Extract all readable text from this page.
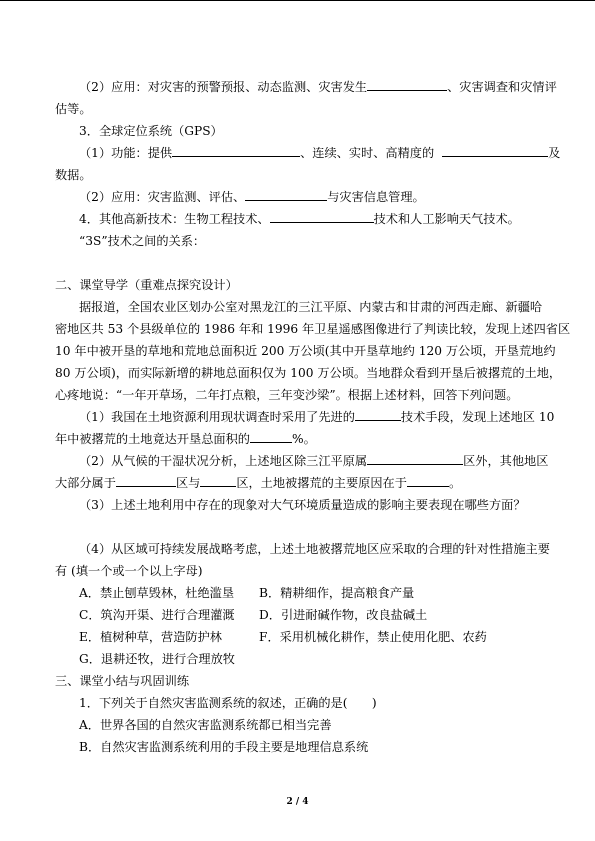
（2）应用：对灾害的预警预报、动态监测、灾害发生	、灾害调查和灾情评

估等。

3．全球定位系统（GPS）

（1）功能：提供	、连续、实时、高精度的	及

数据。

（2）应用：灾害监测、评估、	与灾害信息管理。

4．其他高新技术：生物工程技术、	技术和人工影响天气技术。

“3S”技术之间的关系：

二、课堂导学（重难点探究设计）

据报道，全国农业区划办公室对黑龙江的三江平原、内蒙古和甘肃的河西走廊、新疆哈

密地区共 53 个县级单位的 1986 年和 1996 年卫星遥感图像进行了判读比较，发现上述四省区

10 年中被开垦的草地和荒地总面积近 200 万公顷(其中开垦草地约 120 万公顷，开垦荒地约

80 万公顷)，而实际新增的耕地总面积仅为 100 万公顷。当地群众看到开垦后被撂荒的土地，

心疼地说：“一年开草场，二年打点粮，三年变沙梁”。根据上述材料，回答下列问题。

（1）我国在土地资源利用现状调查时采用了先进的	技术手段，发现上述地区 10

年中被撂荒的土地竟达开垦总面积的	%。

（2）从气候的干湿状况分析，上述地区除三江平原属	区外，其他地区

大部分属于	区与	区，土地被撂荒的主要原因在于	。

（3）上述土地利用中存在的现象对大气环境质量造成的影响主要表现在哪些方面？

（4）从区域可持续发展战略考虑，上述土地被撂荒地区应采取的合理的针对性措施主要

有 (填一个或一个以上字母)

A．禁止刨草毁林，杜绝滥垦 B．精耕细作，提高粮食产量

C．筑沟开渠、进行合理灌溉 D．引进耐碱作物，改良盐碱土

E．植树种草，营造防护林	F．采用机械化耕作，禁止使用化肥、农药

G．退耕还牧，进行合理放牧

三、课堂小结与巩固训练

1．下列关于自然灾害监测系统的叙述，正确的是(　　)

A．世界各国的自然灾害监测系统都已相当完善

B．自然灾害监测系统利用的手段主要是地理信息系统

2 / 4
